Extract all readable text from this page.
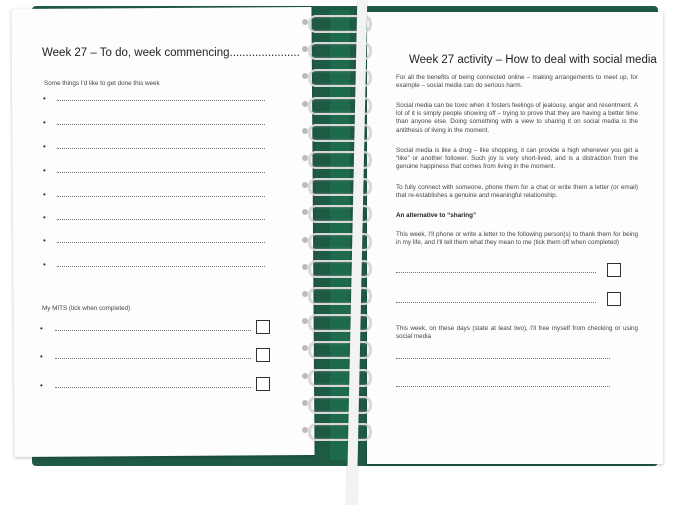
Week 27 – To do, week commencing......................
Some things I'd like to get done this week
•
•
•
•
•
•
•
•
My MITS (tick when completed)
•
•
•
Week 27 activity – How to deal with social media
For all the benefits of being connected online – making arrangements to meet up, for example – social media can do serious harm.
Social media can be toxic when it fosters feelings of jealousy, anger and resentment. A lot of it is simply people showing off – trying to prove that they are having a better time than anyone else. Doing something with a view to sharing it on social media is the antithesis of living in the moment.
Social media is like a drug – like shopping, it can provide a high whenever you get a “like” or another follower. Such joy is very short-lived, and is a distraction from the genuine happiness that comes from living in the moment.
To fully connect with someone, phone them for a chat or write them a letter (or email) that re-establishes a genuine and meaningful relationship.
An alternative to “sharing”
This week, I'll phone or write a letter to the following person(s) to thank them for being in my life, and I'll tell them what they mean to me (tick them off when completed)
This week, on these days (state at least two), I'll free myself from checking or using social media
